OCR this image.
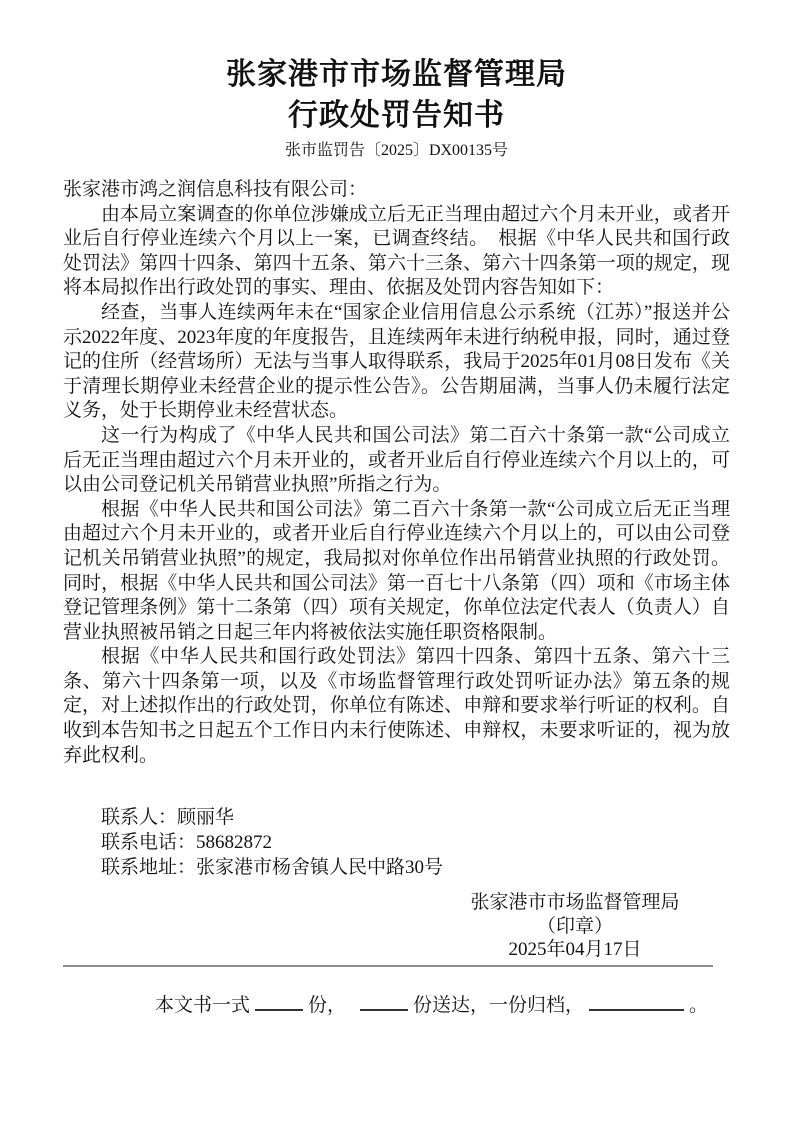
张家港市市场监督管理局
行政处罚告知书
张市监罚告〔2025〕DX00135号

张家港市鸿之润信息科技有限公司：

由本局立案调查的你单位涉嫌成立后无正当理由超过六个月未开业，或者开业后自行停业连续六个月以上一案，已调查终结。　根据《中华人民共和国行政处罚法》第四十四条、第四十五条、第六十三条、第六十四条第一项的规定，现将本局拟作出行政处罚的事实、理由、依据及处罚内容告知如下：

经查，当事人连续两年未在“国家企业信用信息公示系统（江苏）”报送并公示2022年度、2023年度的年度报告，且连续两年未进行纳税申报，同时，通过登记的住所（经营场所）无法与当事人取得联系，我局于2025年01月08日发布《关于清理长期停业未经营企业的提示性公告》。公告期届满，当事人仍未履行法定义务，处于长期停业未经营状态。

这一行为构成了《中华人民共和国公司法》第二百六十条第一款“公司成立后无正当理由超过六个月未开业的，或者开业后自行停业连续六个月以上的，可以由公司登记机关吊销营业执照”所指之行为。

根据《中华人民共和国公司法》第二百六十条第一款“公司成立后无正当理由超过六个月未开业的，或者开业后自行停业连续六个月以上的，可以由公司登记机关吊销营业执照”的规定，我局拟对你单位作出吊销营业执照的行政处罚。同时，根据《中华人民共和国公司法》第一百七十八条第（四）项和《市场主体登记管理条例》第十二条第（四）项有关规定，你单位法定代表人（负责人）自营业执照被吊销之日起三年内将被依法实施任职资格限制。

根据《中华人民共和国行政处罚法》第四十四条、第四十五条、第六十三条、第六十四条第一项，以及《市场监督管理行政处罚听证办法》第五条的规定，对上述拟作出的行政处罚，你单位有陈述、申辩和要求举行听证的权利。自收到本告知书之日起五个工作日内未行使陈述、申辩权，未要求听证的，视为放弃此权利。

联系人：顾丽华

联系电话：58682872

联系地址：张家港市杨舍镇人民中路30号

张家港市市场监督管理局

（印章）

2025年04月17日

本文书一式	份，	份送达，一份归档，	。
